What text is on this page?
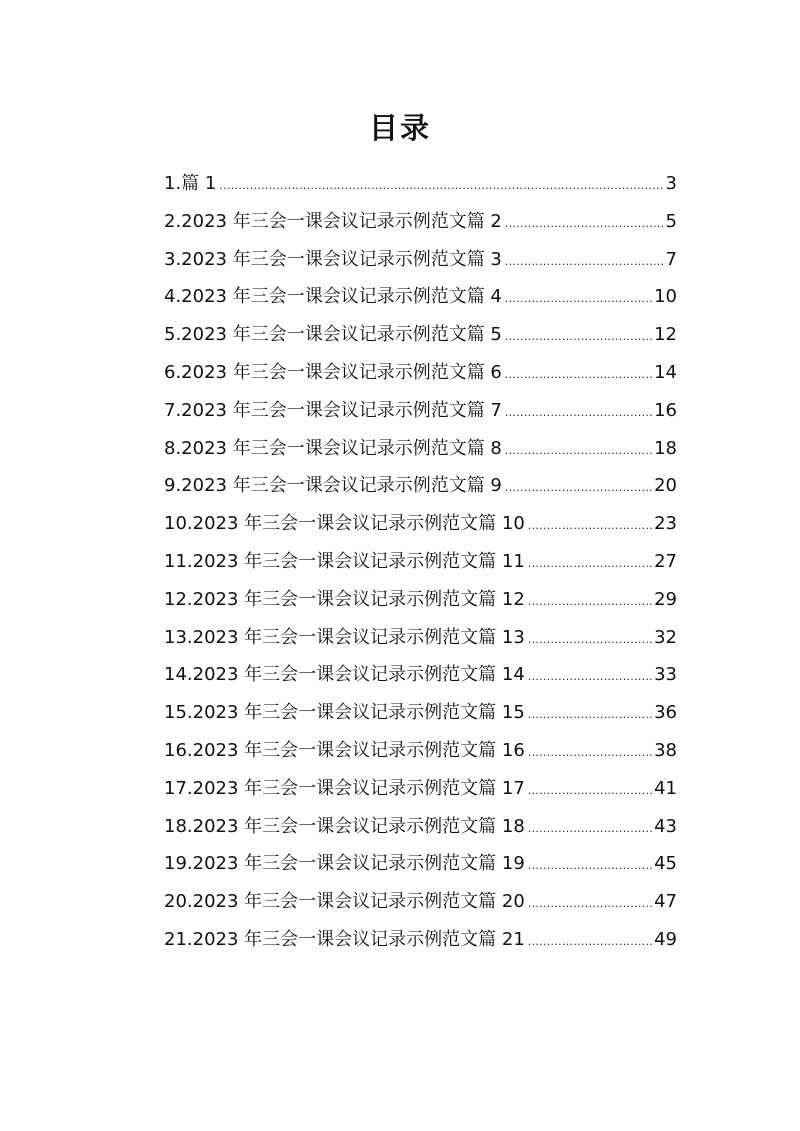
目录
1.篇 1 .....	3
2.2023 年三会一课会议记录示例范文篇 2 .....	5
3.2023 年三会一课会议记录示例范文篇 3 .....	7
4.2023 年三会一课会议记录示例范文篇 4 .....	10
5.2023 年三会一课会议记录示例范文篇 5 .....	12
6.2023 年三会一课会议记录示例范文篇 6 .....	14
7.2023 年三会一课会议记录示例范文篇 7 .....	16
8.2023 年三会一课会议记录示例范文篇 8 .....	18
9.2023 年三会一课会议记录示例范文篇 9 .....	20
10.2023 年三会一课会议记录示例范文篇 10 .....	23
11.2023 年三会一课会议记录示例范文篇 11 .....	27
12.2023 年三会一课会议记录示例范文篇 12 .....	29
13.2023 年三会一课会议记录示例范文篇 13 .....	32
14.2023 年三会一课会议记录示例范文篇 14 .....	33
15.2023 年三会一课会议记录示例范文篇 15 .....	36
16.2023 年三会一课会议记录示例范文篇 16 .....	38
17.2023 年三会一课会议记录示例范文篇 17 .....	41
18.2023 年三会一课会议记录示例范文篇 18 .....	43
19.2023 年三会一课会议记录示例范文篇 19 .....	45
20.2023 年三会一课会议记录示例范文篇 20 .....	47
21.2023 年三会一课会议记录示例范文篇 21 .....	49
